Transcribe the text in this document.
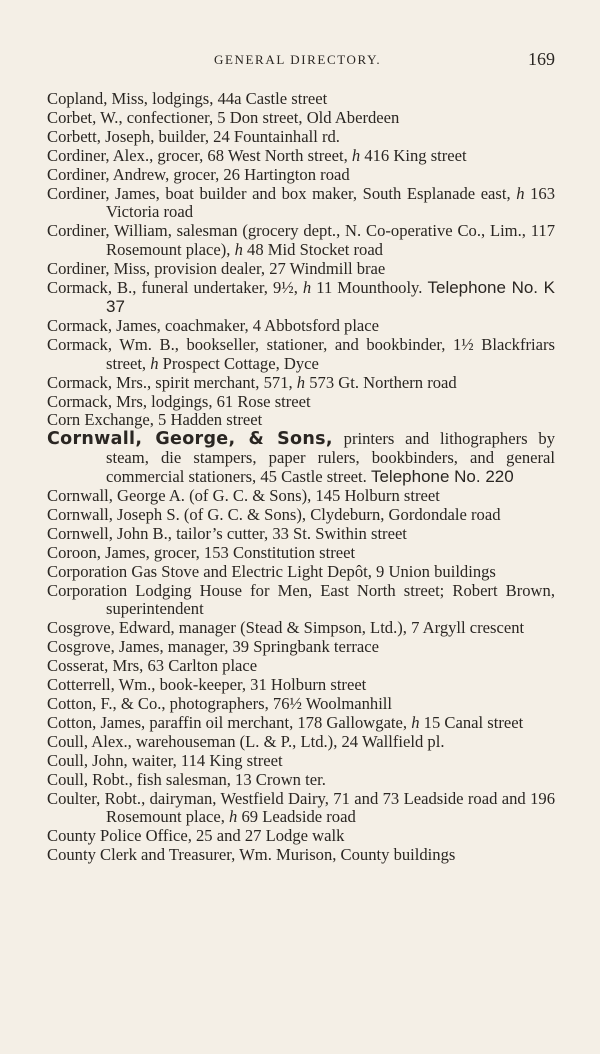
GENERAL DIRECTORY.	169
Copland, Miss, lodgings, 44a Castle street
Corbet, W., confectioner, 5 Don street, Old Aberdeen
Corbett, Joseph, builder, 24 Fountainhall rd.
Cordiner, Alex., grocer, 68 West North street, h 416 King street
Cordiner, Andrew, grocer, 26 Hartington road
Cordiner, James, boat builder and box maker, South Esplanade east, h 163 Victoria road
Cordiner, William, salesman (grocery dept., N. Co-operative Co., Lim., 117 Rosemount place), h 48 Mid Stocket road
Cordiner, Miss, provision dealer, 27 Windmill brae
Cormack, B., funeral undertaker, 9½, h 11 Mounthooly. Telephone No. K 37
Cormack, James, coachmaker, 4 Abbotsford place
Cormack, Wm. B., bookseller, stationer, and bookbinder, 1½ Blackfriars street, h Prospect Cottage, Dyce
Cormack, Mrs., spirit merchant, 571, h 573 Gt. Northern road
Cormack, Mrs, lodgings, 61 Rose street
Corn Exchange, 5 Hadden street
Cornwall, George, & Sons, printers and lithographers by steam, die stampers, paper rulers, bookbinders, and general commercial stationers, 45 Castle street. Telephone No. 220
Cornwall, George A. (of G. C. & Sons), 145 Holburn street
Cornwall, Joseph S. (of G. C. & Sons), Clydeburn, Gordondale road
Cornwell, John B., tailor’s cutter, 33 St. Swithin street
Coroon, James, grocer, 153 Constitution street
Corporation Gas Stove and Electric Light Depôt, 9 Union buildings
Corporation Lodging House for Men, East North street; Robert Brown, superintendent
Cosgrove, Edward, manager (Stead & Simpson, Ltd.), 7 Argyll crescent
Cosgrove, James, manager, 39 Springbank terrace
Cosserat, Mrs, 63 Carlton place
Cotterrell, Wm., book-keeper, 31 Holburn street
Cotton, F., & Co., photographers, 76½ Woolmanhill
Cotton, James, paraffin oil merchant, 178 Gallowgate, h 15 Canal street
Coull, Alex., warehouseman (L. & P., Ltd.), 24 Wallfield pl.
Coull, John, waiter, 114 King street
Coull, Robt., fish salesman, 13 Crown ter.
Coulter, Robt., dairyman, Westfield Dairy, 71 and 73 Leadside road and 196 Rosemount place, h 69 Leadside road
County Police Office, 25 and 27 Lodge walk
County Clerk and Treasurer, Wm. Murison, County buildings
